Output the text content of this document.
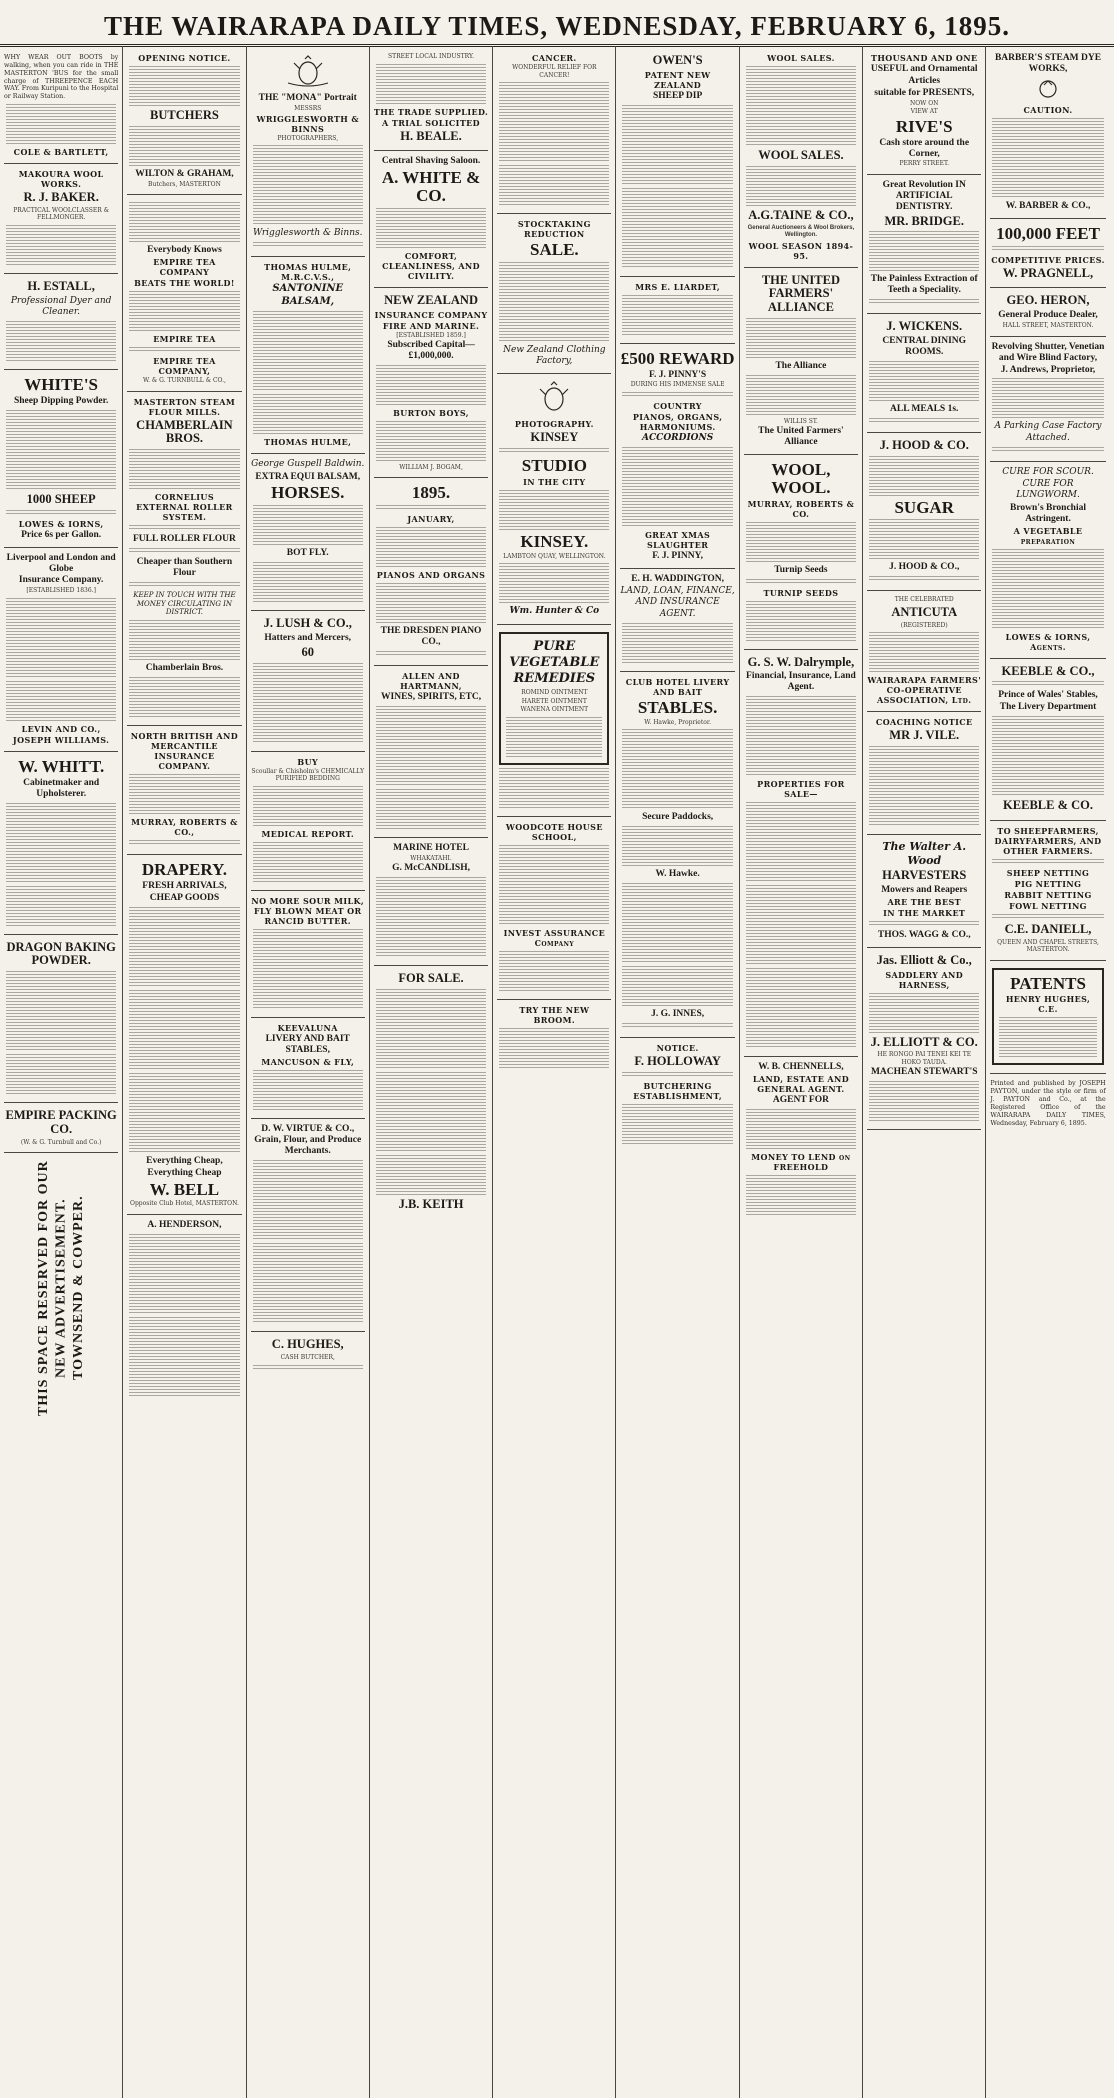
THE WAIRARAPA DAILY TIMES, WEDNESDAY, FEBRUARY 6, 1895.
WHY WEAR OUT BOOTS by walking, when you can ride in THE MASTERTON 'BUS for the small charge of THREEPENCE EACH WAY. From Kuripuni to the Hospital or Railway Station.
COLE & BARTLETT,
MAKOURA WOOL WORKS.
R. J. BAKER.
PRACTICAL WOOLCLASSER & FELLMONGER.
H. ESTALL,
Professional Dyer and Cleaner.
WHITE'S
Sheep Dipping Powder.
1000 SHEEP
LOWES & IORNS,
Price 6s per Gallon.
Liverpool and London and Globe
Insurance Company.
[ESTABLISHED 1836.]
LEVIN AND CO.,
JOSEPH WILLIAMS.
W. WHITT.
Cabinetmaker and Upholsterer.
DRAGON BAKING POWDER.
EMPIRE PACKING CO.
(W. & G. Turnbull and Co.)
THIS SPACE RESERVED FOR OUR NEW ADVERTISEMENT. TOWNSEND & COWPER.
OPENING NOTICE.
BUTCHERS
WILTON & GRAHAM,
Butchers, MASTERTON
Everybody Knows
EMPIRE TEA COMPANY
BEATS THE WORLD!
EMPIRE TEA
EMPIRE TEA COMPANY,
W. & G. TURNBULL & CO.,
MASTERTON STEAM FLOUR MILLS.
CHAMBERLAIN BROS.
CORNELIUS EXTERNAL ROLLER SYSTEM.
FULL ROLLER FLOUR
Cheaper than Southern Flour
KEEP IN TOUCH WITH THE MONEY CIRCULATING IN DISTRICT.
Chamberlain Bros.
NORTH BRITISH AND MERCANTILE INSURANCE COMPANY.
MURRAY, ROBERTS & CO.,
DRAPERY.
FRESH ARRIVALS,
CHEAP GOODS
Everything Cheap,
Everything Cheap
W. BELL
Opposite Club Hotel, MASTERTON.
A. HENDERSON,
THE "MONA" Portrait
MESSRS
WRIGGLESWORTH & BINNS
PHOTOGRAPHERS,
Wrigglesworth & Binns.
THOMAS HULME, M.R.C.V.S.,
SANTONINE BALSAM,
THOMAS HULME,
George Guspell Baldwin.
EXTRA EQUI BALSAM,
HORSES.
BOT FLY.
J. LUSH & CO.,
Hatters and Mercers,
60
BUY
Scoullar & Chisholm's CHEMICALLY PURIFIED BEDDING
MEDICAL REPORT.
NO MORE SOUR MILK, FLY BLOWN MEAT OR RANCID BUTTER.
KEEVALUNA
LIVERY AND BAIT STABLES,
MANCUSON & FLY,
D. W. VIRTUE & CO.,
Grain, Flour, and Produce Merchants.
C. HUGHES,
CASH BUTCHER,
STREET LOCAL INDUSTRY.
THE TRADE SUPPLIED.
A TRIAL SOLICITED
H. BEALE.
Central Shaving Saloon.
A. WHITE & CO.
COMFORT, CLEANLINESS, AND CIVILITY.
NEW ZEALAND
INSURANCE COMPANY
FIRE AND MARINE.
[ESTABLISHED 1859.]
Subscribed Capital—£1,000,000.
BURTON BOYS,
WILLIAM J. BOGAM,
1895.
JANUARY,
PIANOS AND ORGANS
THE DRESDEN PIANO CO.,
ALLEN AND HARTMANN,
WINES, SPIRITS, ETC,
MARINE HOTEL
WHAKATAHI.
G. McCANDLISH,
FOR SALE.
J.B. KEITH
CANCER.
WONDERFUL RELIEF FOR CANCER!
STOCKTAKING REDUCTION
SALE.
New Zealand Clothing Factory,
PHOTOGRAPHY.
KINSEY
STUDIO
IN THE CITY
KINSEY.
LAMBTON QUAY, WELLINGTON.
Wm. Hunter & Co
PURE VEGETABLE REMEDIES
ROMIND OINTMENT
HARETE OINTMENT
WANENA OINTMENT
WOODCOTE HOUSE SCHOOL,
INVEST ASSURANCE Company
TRY THE NEW BROOM.
OWEN'S
PATENT NEW ZEALAND
SHEEP DIP
MRS E. LIARDET,
£500 REWARD
F. J. PINNY'S
DURING HIS IMMENSE SALE
COUNTRY
PIANOS, ORGANS, HARMONIUMS.
ACCORDIONS
GREAT XMAS SLAUGHTER
F. J. PINNY,
E. H. WADDINGTON,
LAND, LOAN, FINANCE, AND INSURANCE AGENT.
CLUB HOTEL LIVERY AND BAIT
STABLES.
W. Hawke, Proprietor.
Secure Paddocks,
W. Hawke.
J. G. INNES,
NOTICE.
F. HOLLOWAY
BUTCHERING ESTABLISHMENT,
WOOL SALES.
WOOL SALES.
A.G.TAINE & CO.,
General Auctioneers & Wool Brokers, Wellington.
WOOL SEASON 1894-95.
THE UNITED FARMERS' ALLIANCE
The Alliance
WILLIS ST.
The United Farmers' Alliance
WOOL, WOOL.
MURRAY, ROBERTS & CO.
Turnip Seeds
TURNIP SEEDS
G. S. W. Dalrymple,
Financial, Insurance, Land Agent.
PROPERTIES FOR SALE—
W. B. CHENNELLS,
LAND, ESTATE AND GENERAL AGENT.
AGENT FOR
MONEY TO LEND on FREEHOLD
THOUSAND AND ONE
USEFUL and Ornamental
Articles
suitable for PRESENTS,
NOW ON
VIEW AT
RIVE'S
Cash store around the Corner,
PERRY STREET.
Great Revolution IN ARTIFICIAL DENTISTRY.
MR. BRIDGE.
The Painless Extraction of Teeth a Speciality.
J. WICKENS.
CENTRAL DINING ROOMS.
ALL MEALS 1s.
J. HOOD & CO.
SUGAR
J. HOOD & CO.,
THE CELEBRATED
ANTICUTA
(REGISTERED)
WAIRARAPA FARMERS' CO-OPERATIVE ASSOCIATION, Ltd.
COACHING NOTICE
MR J. VILE.
The Walter A. Wood
HARVESTERS
Mowers and Reapers
ARE THE BEST
IN THE MARKET
THOS. WAGG & CO.,
Jas. Elliott & Co.,
SADDLERY AND HARNESS,
J. ELLIOTT & CO.
HE RONGO PAI TENEI KEI TE HOKO TAUDA.
MACHEAN STEWART'S
BARBER'S STEAM DYE WORKS,
CAUTION.
W. BARBER & CO.,
100,000 FEET
COMPETITIVE PRICES.
W. PRAGNELL,
GEO. HERON,
General Produce Dealer,
HALL STREET, MASTERTON.
Revolving Shutter, Venetian and Wire Blind Factory,
J. Andrews, Proprietor,
A Parking Case Factory Attached.
CURE FOR SCOUR.
CURE FOR LUNGWORM.
Brown's Bronchial Astringent.
A VEGETABLE preparation
LOWES & IORNS, Agents.
KEEBLE & CO.,
Prince of Wales' Stables,
The Livery Department
KEEBLE & CO.
TO SHEEPFARMERS, DAIRYFARMERS, AND OTHER FARMERS.
SHEEP NETTING
PIG NETTING
RABBIT NETTING
FOWL NETTING
C.E. DANIELL,
QUEEN AND CHAPEL STREETS, MASTERTON.
PATENTS
HENRY HUGHES, C.E.
Printed and published by JOSEPH PAYTON, under the style or firm of J. PAYTON and Co., at the Registered Office of the WAIRARAPA DAILY TIMES, Wednesday, February 6, 1895.
